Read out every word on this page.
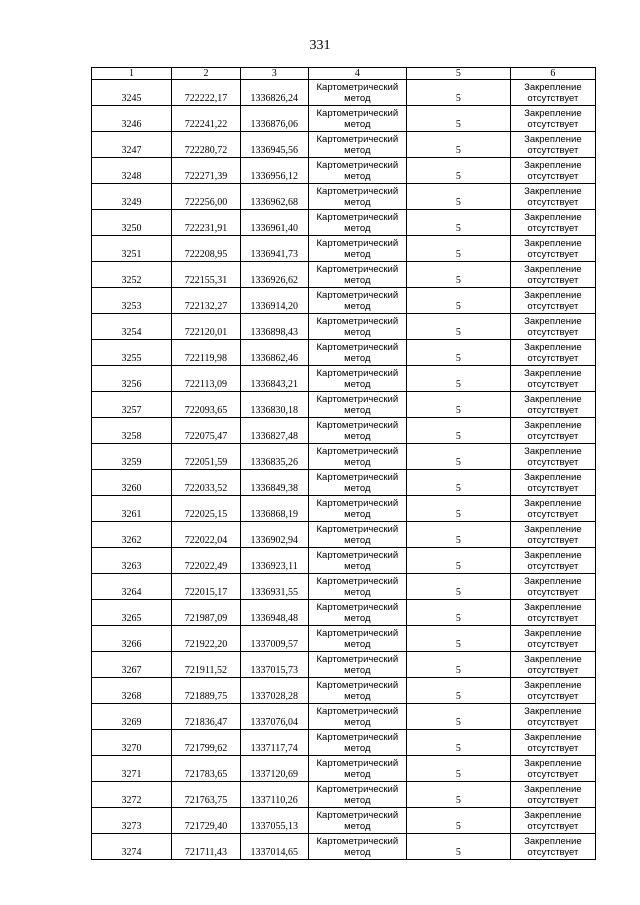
331
1	2	3	4	5	6
3245	722222,17	1336826,24	Картометрический метод	5	Закрепление отсутствует
3246	722241,22	1336876,06	Картометрический метод	5	Закрепление отсутствует
3247	722280,72	1336945,56	Картометрический метод	5	Закрепление отсутствует
3248	722271,39	1336956,12	Картометрический метод	5	Закрепление отсутствует
3249	722256,00	1336962,68	Картометрический метод	5	Закрепление отсутствует
3250	722231,91	1336961,40	Картометрический метод	5	Закрепление отсутствует
3251	722208,95	1336941,73	Картометрический метод	5	Закрепление отсутствует
3252	722155,31	1336926,62	Картометрический метод	5	Закрепление отсутствует
3253	722132,27	1336914,20	Картометрический метод	5	Закрепление отсутствует
3254	722120,01	1336898,43	Картометрический метод	5	Закрепление отсутствует
3255	722119,98	1336862,46	Картометрический метод	5	Закрепление отсутствует
3256	722113,09	1336843,21	Картометрический метод	5	Закрепление отсутствует
3257	722093,65	1336830,18	Картометрический метод	5	Закрепление отсутствует
3258	722075,47	1336827,48	Картометрический метод	5	Закрепление отсутствует
3259	722051,59	1336835,26	Картометрический метод	5	Закрепление отсутствует
3260	722033,52	1336849,38	Картометрический метод	5	Закрепление отсутствует
3261	722025,15	1336868,19	Картометрический метод	5	Закрепление отсутствует
3262	722022,04	1336902,94	Картометрический метод	5	Закрепление отсутствует
3263	722022,49	1336923,11	Картометрический метод	5	Закрепление отсутствует
3264	722015,17	1336931,55	Картометрический метод	5	Закрепление отсутствует
3265	721987,09	1336948,48	Картометрический метод	5	Закрепление отсутствует
3266	721922,20	1337009,57	Картометрический метод	5	Закрепление отсутствует
3267	721911,52	1337015,73	Картометрический метод	5	Закрепление отсутствует
3268	721889,75	1337028,28	Картометрический метод	5	Закрепление отсутствует
3269	721836,47	1337076,04	Картометрический метод	5	Закрепление отсутствует
3270	721799,62	1337117,74	Картометрический метод	5	Закрепление отсутствует
3271	721783,65	1337120,69	Картометрический метод	5	Закрепление отсутствует
3272	721763,75	1337110,26	Картометрический метод	5	Закрепление отсутствует
3273	721729,40	1337055,13	Картометрический метод	5	Закрепление отсутствует
3274	721711,43	1337014,65	Картометрический метод	5	Закрепление отсутствует
